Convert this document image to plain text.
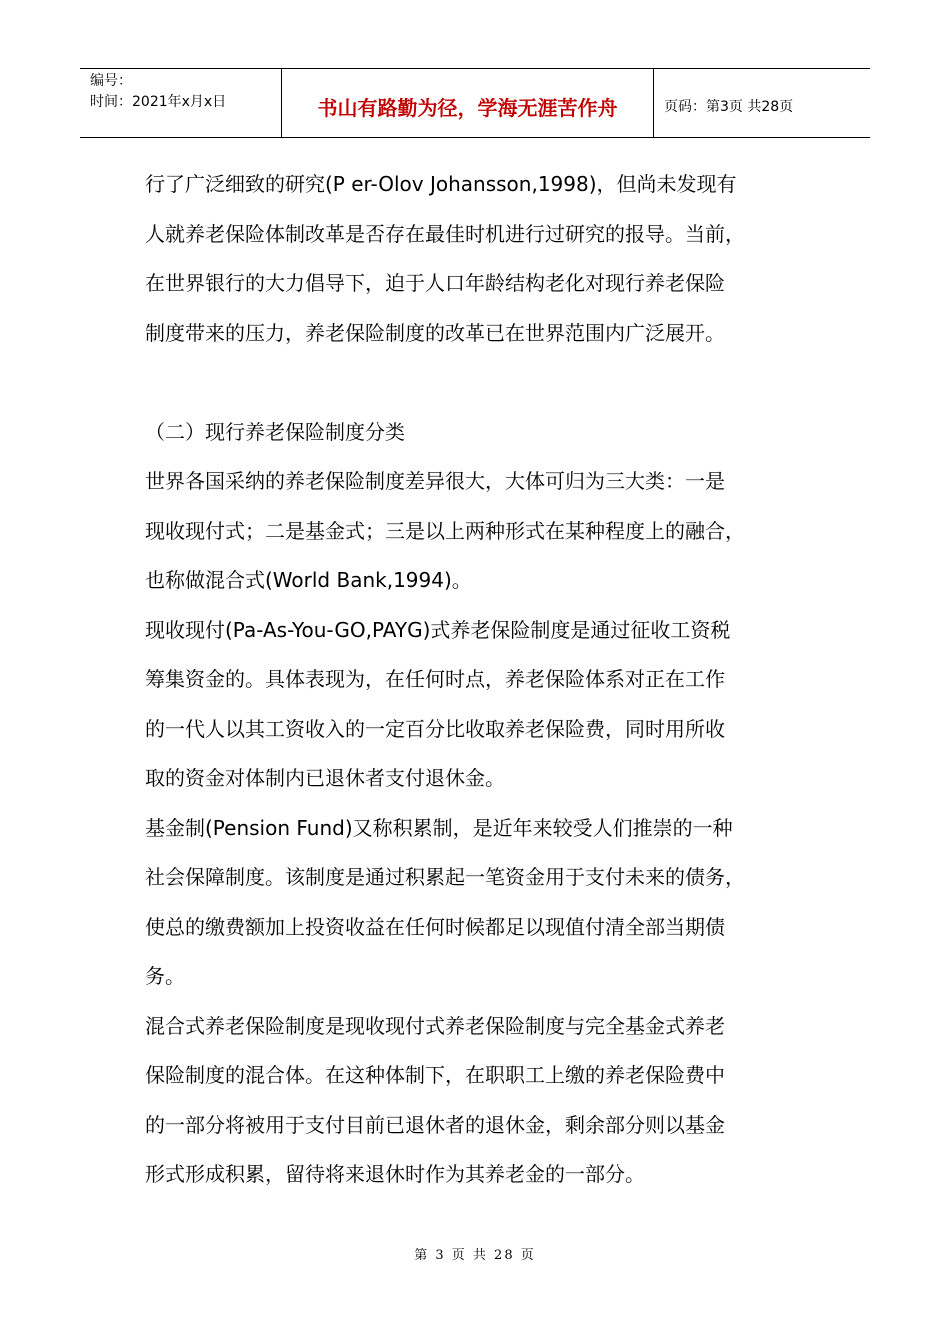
编号：
时间：2021年x月x日	书山有路勤为径，学海无涯苦作舟	页码：第3页 共28页

行了广泛细致的研究(P er-Olov Johansson,1998)，但尚未发现有

人就养老保险体制改革是否存在最佳时机进行过研究的报导。当前，

在世界银行的大力倡导下，迫于人口年龄结构老化对现行养老保险

制度带来的压力，养老保险制度的改革已在世界范围内广泛展开。

（二）现行养老保险制度分类

世界各国采纳的养老保险制度差异很大，大体可归为三大类：一是

现收现付式；二是基金式；三是以上两种形式在某种程度上的融合，

也称做混合式(World Bank,1994)。

现收现付(Pa-As-You-GO,PAYG)式养老保险制度是通过征收工资税

筹集资金的。具体表现为，在任何时点，养老保险体系对正在工作

的一代人以其工资收入的一定百分比收取养老保险费，同时用所收

取的资金对体制内已退休者支付退休金。

基金制(Pension Fund)又称积累制，是近年来较受人们推崇的一种

社会保障制度。该制度是通过积累起一笔资金用于支付未来的债务，

使总的缴费额加上投资收益在任何时候都足以现值付清全部当期债

务。

混合式养老保险制度是现收现付式养老保险制度与完全基金式养老

保险制度的混合体。在这种体制下，在职职工上缴的养老保险费中

的一部分将被用于支付目前已退休者的退休金，剩余部分则以基金

形式形成积累，留待将来退休时作为其养老金的一部分。

第 3 页 共 28 页
